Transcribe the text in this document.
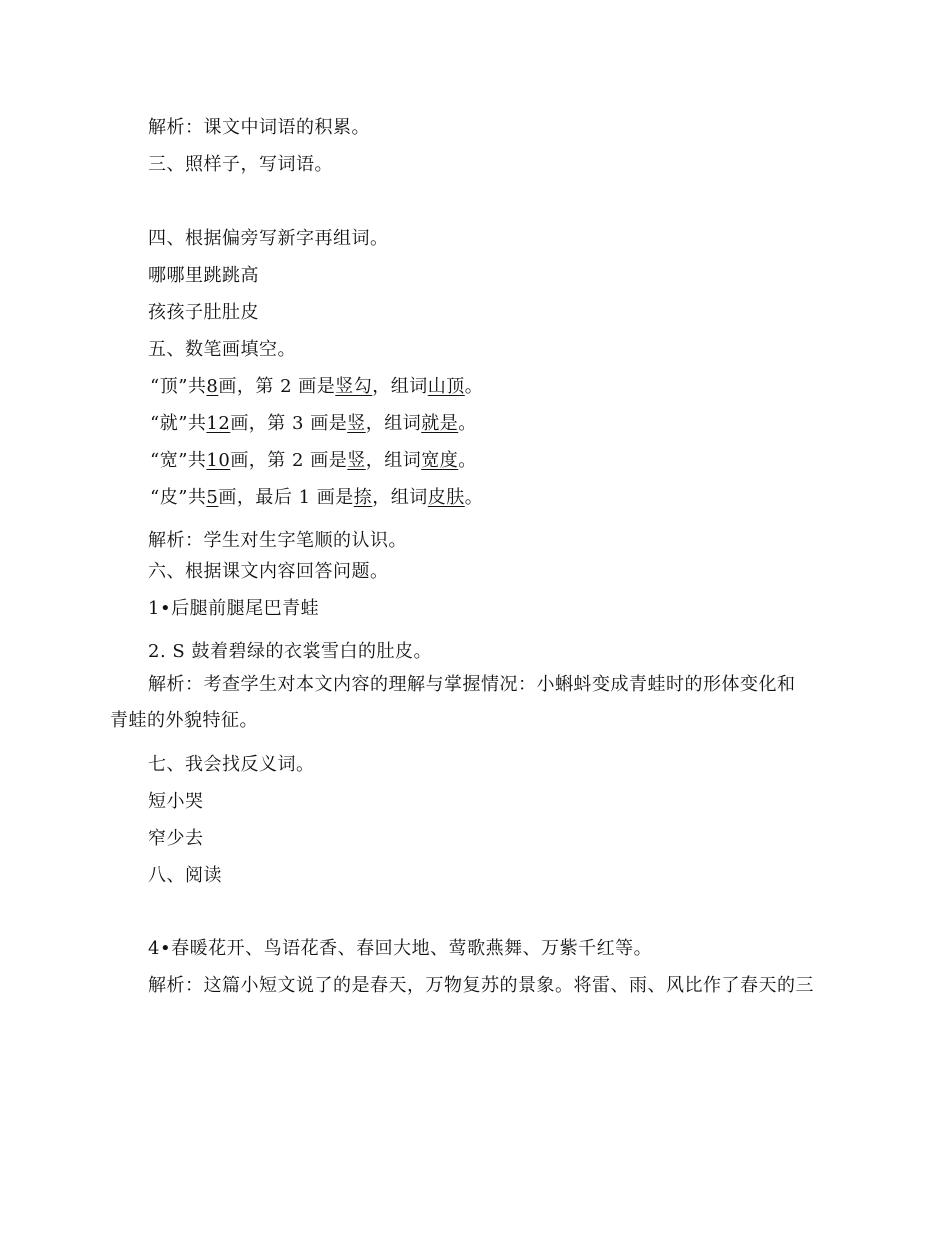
解析：课文中词语的积累。
三、照样子，写词语。
四、根据偏旁写新字再组词。
哪哪里跳跳高
孩孩子肚肚皮
五、数笔画填空。
“顶”共8画，第 2 画是竖勾，组词山顶。
“就”共12画，第 3 画是竖，组词就是。
“宽”共10画，第 2 画是竖，组词宽度。
“皮”共5画，最后 1 画是捺，组词皮肤。
解析：学生对生字笔顺的认识。
六、根据课文内容回答问题。
1•后腿前腿尾巴青蛙
2. S 鼓着碧绿的衣裳雪白的肚皮。
解析：考查学生对本文内容的理解与掌握情况：小蝌蚪变成青蛙时的形体变化和
青蛙的外貌特征。
七、我会找反义词。
短小哭
窄少去
八、阅读
4•春暖花开、鸟语花香、春回大地、莺歌燕舞、万紫千红等。
解析：这篇小短文说了的是春天，万物复苏的景象。将雷、雨、风比作了春天的三
